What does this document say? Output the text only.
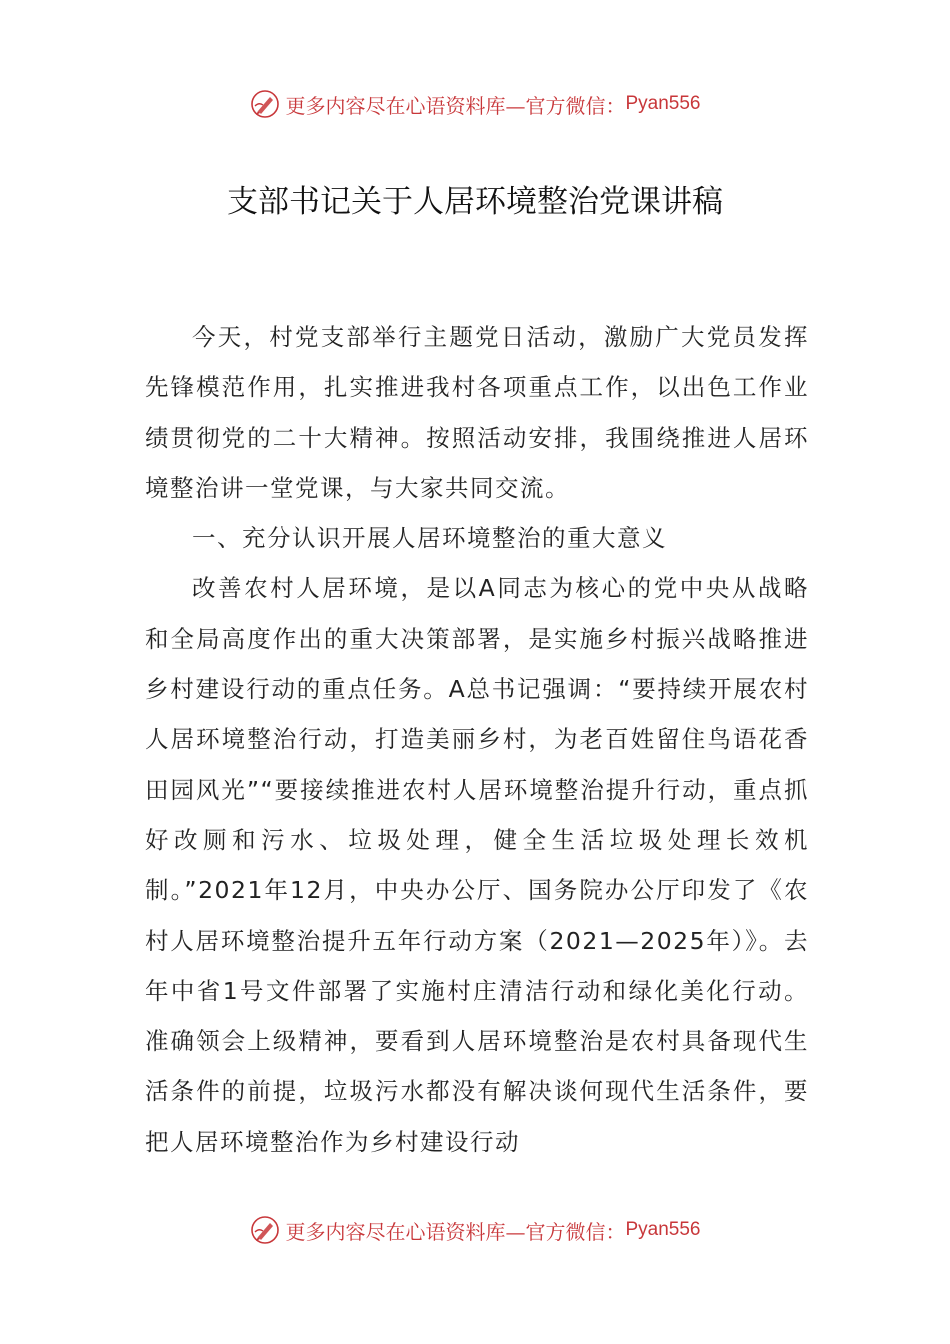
更多内容尽在心语资料库—官方微信： Pyan556
支部书记关于人居环境整治党课讲稿

今天，村党支部举行主题党日活动，激励广大党员发挥先锋模范作用，扎实推进我村各项重点工作，以出色工作业绩贯彻党的二十大精神。按照活动安排，我围绕推进人居环境整治讲一堂党课，与大家共同交流。

一、充分认识开展人居环境整治的重大意义

改善农村人居环境，是以A同志为核心的党中央从战略和全局高度作出的重大决策部署，是实施乡村振兴战略推进乡村建设行动的重点任务。A总书记强调：“要持续开展农村人居环境整治行动，打造美丽乡村，为老百姓留住鸟语花香田园风光”“要接续推进农村人居环境整治提升行动，重点抓好改厕和污水、垃圾处理，健全生活垃圾处理长效机制。”2021年12月，中央办公厅、国务院办公厅印发了《农村人居环境整治提升五年行动方案（2021—2025年）》。去年中省1号文件部署了实施村庄清洁行动和绿化美化行动。准确领会上级精神，要看到人居环境整治是农村具备现代生活条件的前提，垃圾污水都没有解决谈何现代生活条件，要把人居环境整治作为乡村建设行动

更多内容尽在心语资料库—官方微信： Pyan556
